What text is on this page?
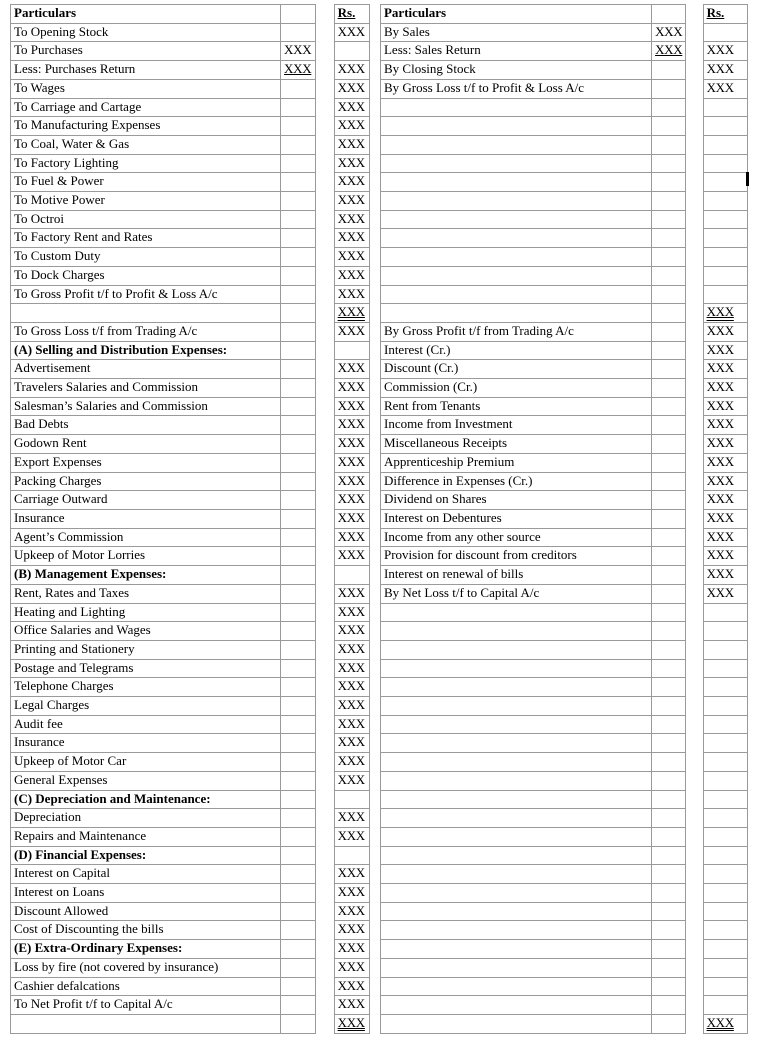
Particulars			Rs.		Particulars			Rs.
To Opening Stock			XXX		By Sales	XXX		
To Purchases	XXX				Less: Sales Return	XXX		XXX
Less: Purchases Return	XXX		XXX		By Closing Stock			XXX
To Wages			XXX		By Gross Loss t/f to Profit & Loss A/c			XXX
To Carriage and Cartage			XXX					
To Manufacturing Expenses			XXX					
To Coal, Water & Gas			XXX					
To Factory Lighting			XXX					
To Fuel & Power			XXX					
To Motive Power			XXX					
To Octroi			XXX					
To Factory Rent and Rates			XXX					
To Custom Duty			XXX					
To Dock Charges			XXX					
To Gross Profit t/f to Profit & Loss A/c			XXX					
			XXX					XXX
To Gross Loss t/f from Trading A/c			XXX		By Gross Profit t/f from Trading A/c			XXX
(A) Selling and Distribution Expenses:					Interest (Cr.)			XXX
Advertisement			XXX		Discount (Cr.)			XXX
Travelers Salaries and Commission			XXX		Commission (Cr.)			XXX
Salesman’s Salaries and Commission			XXX		Rent from Tenants			XXX
Bad Debts			XXX		Income from Investment			XXX
Godown Rent			XXX		Miscellaneous Receipts			XXX
Export Expenses			XXX		Apprenticeship Premium			XXX
Packing Charges			XXX		Difference in Expenses (Cr.)			XXX
Carriage Outward			XXX		Dividend on Shares			XXX
Insurance			XXX		Interest on Debentures			XXX
Agent’s Commission			XXX		Income from any other source			XXX
Upkeep of Motor Lorries			XXX		Provision for discount from creditors			XXX
(B) Management Expenses:					Interest on renewal of bills			XXX
Rent, Rates and Taxes			XXX		By Net Loss t/f to Capital A/c			XXX
Heating and Lighting			XXX					
Office Salaries and Wages			XXX					
Printing and Stationery			XXX					
Postage and Telegrams			XXX					
Telephone Charges			XXX					
Legal Charges			XXX					
Audit fee			XXX					
Insurance			XXX					
Upkeep of Motor Car			XXX					
General Expenses			XXX					
(C) Depreciation and Maintenance:								
Depreciation			XXX					
Repairs and Maintenance			XXX					
(D) Financial Expenses:								
Interest on Capital			XXX					
Interest on Loans			XXX					
Discount Allowed			XXX					
Cost of Discounting the bills			XXX					
(E) Extra-Ordinary Expenses:			XXX					
Loss by fire (not covered by insurance)			XXX					
Cashier defalcations			XXX					
To Net Profit t/f to Capital A/c			XXX					
			XXX					XXX
